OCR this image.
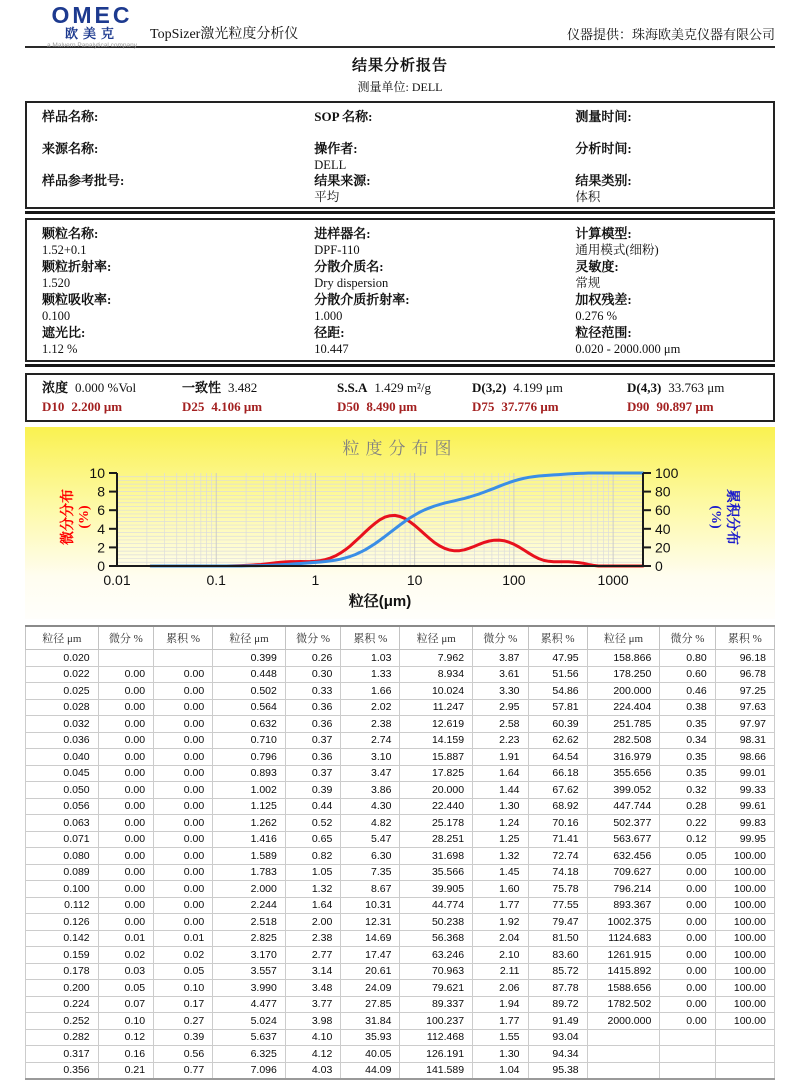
OMEC
欧美克
a Malvern Panalytical company
TopSizer激光粒度分析仪	仪器提供：珠海欧美克仪器有限公司
结果分析报告
测量单位: DELL
样品名称:	SOP 名称:	测量时间:
来源名称:	操作者:
DELL
分析时间:
样品参考批号:	结果来源:
平均
结果类别:
体积
颗粒名称:
1.52+0.1
进样器名:
DPF-110
计算模型:
通用模式(细粉)
颗粒折射率:
1.520
分散介质名:
Dry dispersion
灵敏度:
常规
颗粒吸收率:
0.100
分散介质折射率:
1.000
加权残差:
0.276 %
遮光比:
1.12 %
径距:
10.447
粒径范围:
0.020 - 2000.000 μm
浓度 0.000 %Vol	一致性 3.482	S.S.A 1.429 m²/g	D(3,2) 4.199 μm	D(4,3) 33.763 μm
D10 2.200 μm	D25 4.106 μm	D50 8.490 μm	D75 37.776 μm	D90 90.897 μm
粒度分布图
0
2
4
6
8
10
0
20
40
60
80
100
0.01	0.1	1	10	100	1000
粒径(μm)
微分分布 (%)	累积分布
(%)
粒径 μm	微分 %	累积 %	粒径 μm	微分 %	累积 %	粒径 μm	微分 %	累积 %	粒径 μm	微分 %	累积 %
0.020			0.399	0.26	1.03	7.962	3.87	47.95	158.866	0.80	96.18
0.022	0.00	0.00	0.448	0.30	1.33	8.934	3.61	51.56	178.250	0.60	96.78
0.025	0.00	0.00	0.502	0.33	1.66	10.024	3.30	54.86	200.000	0.46	97.25
0.028	0.00	0.00	0.564	0.36	2.02	11.247	2.95	57.81	224.404	0.38	97.63
0.032	0.00	0.00	0.632	0.36	2.38	12.619	2.58	60.39	251.785	0.35	97.97
0.036	0.00	0.00	0.710	0.37	2.74	14.159	2.23	62.62	282.508	0.34	98.31
0.040	0.00	0.00	0.796	0.36	3.10	15.887	1.91	64.54	316.979	0.35	98.66
0.045	0.00	0.00	0.893	0.37	3.47	17.825	1.64	66.18	355.656	0.35	99.01
0.050	0.00	0.00	1.002	0.39	3.86	20.000	1.44	67.62	399.052	0.32	99.33
0.056	0.00	0.00	1.125	0.44	4.30	22.440	1.30	68.92	447.744	0.28	99.61
0.063	0.00	0.00	1.262	0.52	4.82	25.178	1.24	70.16	502.377	0.22	99.83
0.071	0.00	0.00	1.416	0.65	5.47	28.251	1.25	71.41	563.677	0.12	99.95
0.080	0.00	0.00	1.589	0.82	6.30	31.698	1.32	72.74	632.456	0.05	100.00
0.089	0.00	0.00	1.783	1.05	7.35	35.566	1.45	74.18	709.627	0.00	100.00
0.100	0.00	0.00	2.000	1.32	8.67	39.905	1.60	75.78	796.214	0.00	100.00
0.112	0.00	0.00	2.244	1.64	10.31	44.774	1.77	77.55	893.367	0.00	100.00
0.126	0.00	0.00	2.518	2.00	12.31	50.238	1.92	79.47	1002.375	0.00	100.00
0.142	0.01	0.01	2.825	2.38	14.69	56.368	2.04	81.50	1124.683	0.00	100.00
0.159	0.02	0.02	3.170	2.77	17.47	63.246	2.10	83.60	1261.915	0.00	100.00
0.178	0.03	0.05	3.557	3.14	20.61	70.963	2.11	85.72	1415.892	0.00	100.00
0.200	0.05	0.10	3.990	3.48	24.09	79.621	2.06	87.78	1588.656	0.00	100.00
0.224	0.07	0.17	4.477	3.77	27.85	89.337	1.94	89.72	1782.502	0.00	100.00
0.252	0.10	0.27	5.024	3.98	31.84	100.237	1.77	91.49	2000.000	0.00	100.00
0.282	0.12	0.39	5.637	4.10	35.93	112.468	1.55	93.04			
0.317	0.16	0.56	6.325	4.12	40.05	126.191	1.30	94.34			
0.356	0.21	0.77	7.096	4.03	44.09	141.589	1.04	95.38			
